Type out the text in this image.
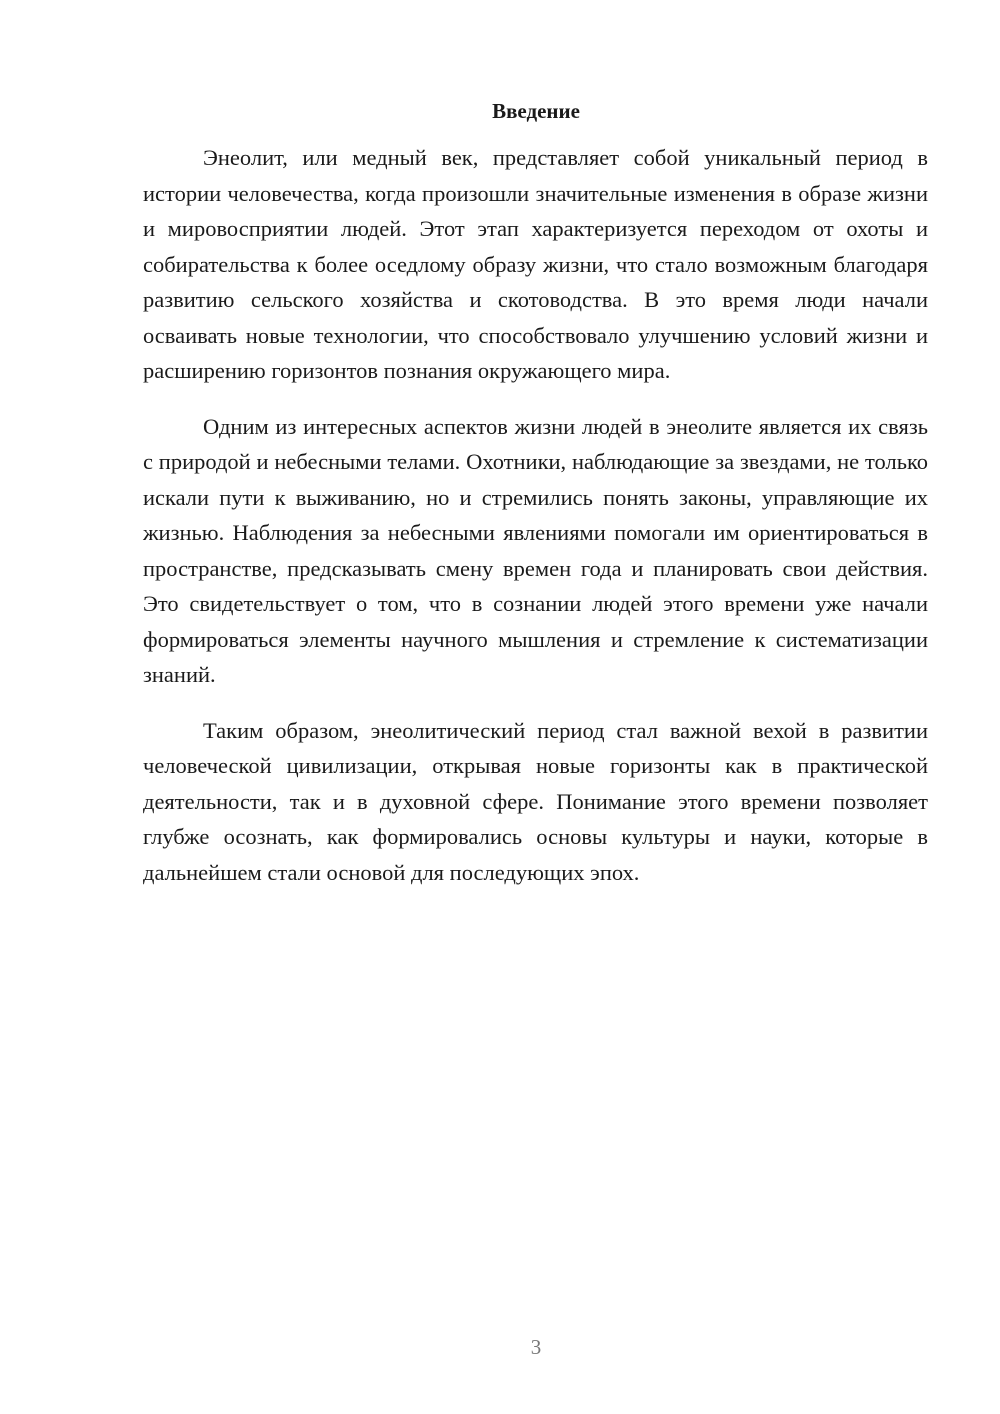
Введение

Энеолит, или медный век, представляет собой уникальный период в истории человечества, когда произошли значительные изменения в образе жизни и мировосприятии людей. Этот этап характеризуется переходом от охоты и собирательства к более оседлому образу жизни, что стало возможным благодаря развитию сельского хозяйства и скотоводства. В это время люди начали осваивать новые технологии, что способствовало улучшению условий жизни и расширению горизонтов познания окружающего мира.

Одним из интересных аспектов жизни людей в энеолите является их связь с природой и небесными телами. Охотники, наблюдающие за звездами, не только искали пути к выживанию, но и стремились понять законы, управляющие их жизнью. Наблюдения за небесными явлениями помогали им ориентироваться в пространстве, предсказывать смену времен года и планировать свои действия. Это свидетельствует о том, что в сознании людей этого времени уже начали формироваться элементы научного мышления и стремление к систематизации знаний.

Таким образом, энеолитический период стал важной вехой в развитии человеческой цивилизации, открывая новые горизонты как в практической деятельности, так и в духовной сфере. Понимание этого времени позволяет глубже осознать, как формировались основы культуры и науки, которые в дальнейшем стали основой для последующих эпох.

3
